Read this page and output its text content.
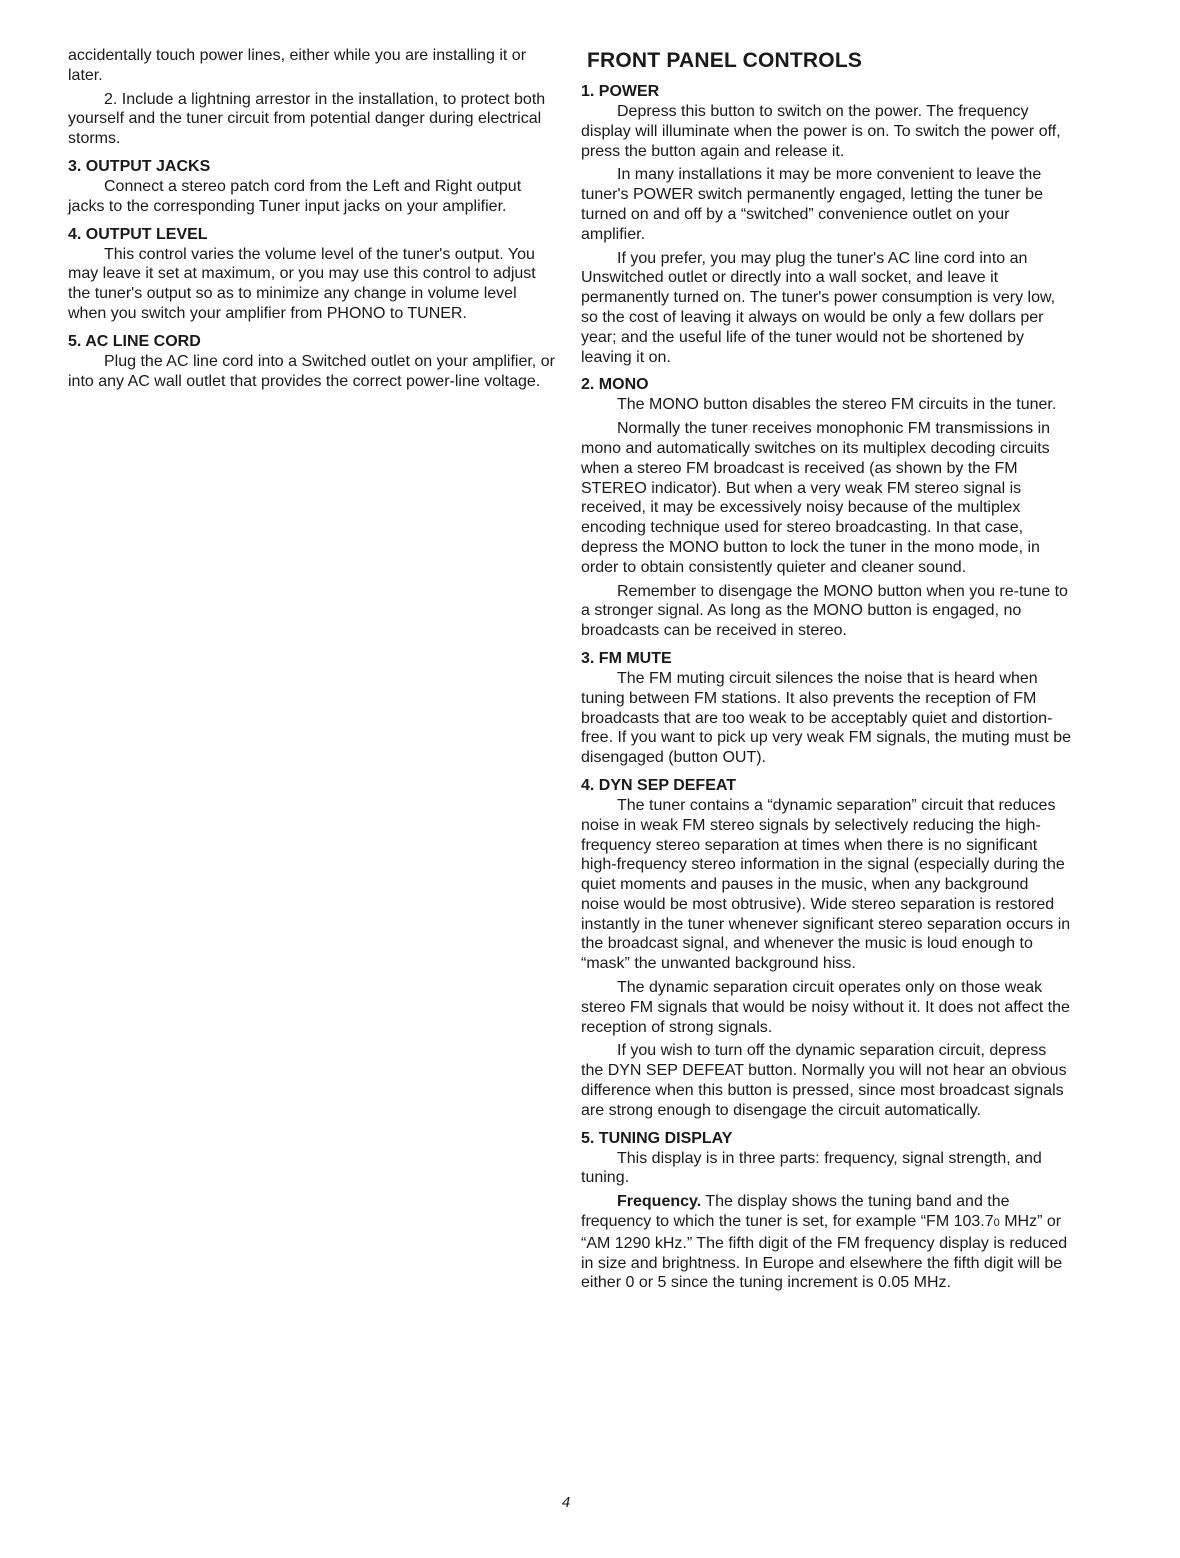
accidentally touch power lines, either while you are installing it or later.

2. Include a lightning arrestor in the installation, to protect both yourself and the tuner circuit from potential danger during electrical storms.

3. OUTPUT JACKS

Connect a stereo patch cord from the Left and Right output jacks to the corresponding Tuner input jacks on your amplifier.

4. OUTPUT LEVEL

This control varies the volume level of the tuner's output. You may leave it set at maximum, or you may use this control to adjust the tuner's output so as to minimize any change in volume level when you switch your amplifier from PHONO to TUNER.

5. AC LINE CORD

Plug the AC line cord into a Switched outlet on your amplifier, or into any AC wall outlet that provides the correct power-line voltage.

FRONT PANEL CONTROLS
1. POWER

Depress this button to switch on the power. The frequency display will illuminate when the power is on. To switch the power off, press the button again and release it.

In many installations it may be more convenient to leave the tuner's POWER switch permanently engaged, letting the tuner be turned on and off by a “switched” convenience outlet on your amplifier.

If you prefer, you may plug the tuner's AC line cord into an Unswitched outlet or directly into a wall socket, and leave it permanently turned on. The tuner's power consumption is very low, so the cost of leaving it always on would be only a few dollars per year; and the useful life of the tuner would not be shortened by leaving it on.

2. MONO

The MONO button disables the stereo FM circuits in the tuner.

Normally the tuner receives monophonic FM transmissions in mono and automatically switches on its multiplex decoding circuits when a stereo FM broadcast is received (as shown by the FM STEREO indicator). But when a very weak FM stereo signal is received, it may be excessively noisy because of the multiplex encoding technique used for stereo broadcasting. In that case, depress the MONO button to lock the tuner in the mono mode, in order to obtain consistently quieter and cleaner sound.

Remember to disengage the MONO button when you re-tune to a stronger signal. As long as the MONO button is engaged, no broadcasts can be received in stereo.

3. FM MUTE

The FM muting circuit silences the noise that is heard when tuning between FM stations. It also prevents the reception of FM broadcasts that are too weak to be acceptably quiet and distortion-free. If you want to pick up very weak FM signals, the muting must be disengaged (button OUT).

4. DYN SEP DEFEAT

The tuner contains a “dynamic separation” circuit that reduces noise in weak FM stereo signals by selectively reducing the high-frequency stereo separation at times when there is no significant high-frequency stereo information in the signal (especially during the quiet moments and pauses in the music, when any background noise would be most obtrusive). Wide stereo separation is restored instantly in the tuner whenever significant stereo separation occurs in the broadcast signal, and whenever the music is loud enough to “mask” the unwanted background hiss.

The dynamic separation circuit operates only on those weak stereo FM signals that would be noisy without it. It does not affect the reception of strong signals.

If you wish to turn off the dynamic separation circuit, depress the DYN SEP DEFEAT button. Normally you will not hear an obvious difference when this button is pressed, since most broadcast signals are strong enough to disengage the circuit automatically.

5. TUNING DISPLAY

This display is in three parts: frequency, signal strength, and tuning.

Frequency. The display shows the tuning band and the frequency to which the tuner is set, for example “FM 103.70 MHz” or “AM 1290 kHz.” The fifth digit of the FM frequency display is reduced in size and brightness. In Europe and elsewhere the fifth digit will be either 0 or 5 since the tuning increment is 0.05 MHz.

4
